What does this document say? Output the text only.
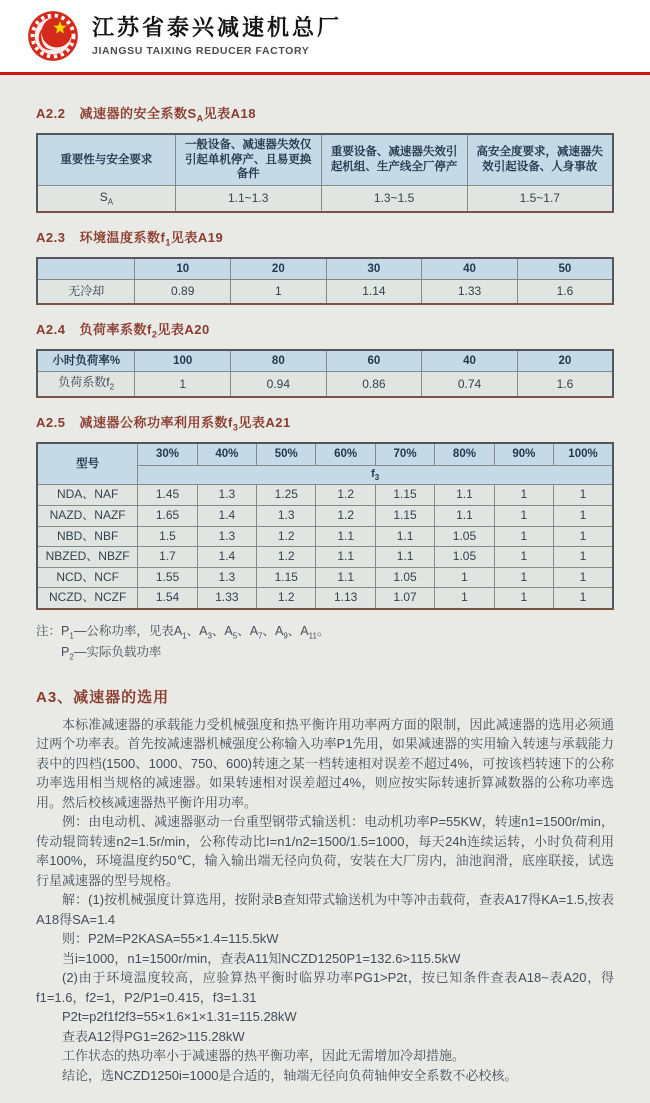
江苏省泰兴减速机总厂
JIANGSU TAIXING REDUCER FACTORY
A2.2 减速器的安全系数$S_A$见表A18
重要性与安全要求	一般设备、减速器失效仅引起单机停产、且易更换备件	重要设备、减速器失效引起机组、生产线全厂停产	高安全度要求，减速器失效引起设备、人身事故
$S_A$	1.1~1.3	1.3~1.5	1.5~1.7
A2.3 环境温度系数$f_1$见表A19
	10	20	30	40	50
无冷却	0.89	1	1.14	1.33	1.6
A2.4 负荷率系数$f_2$见表A20
小时负荷率%	100	80	60	40	20
负荷系数$f_2$	1	0.94	0.86	0.74	1.6
A2.5 减速器公称功率利用系数$f_3$见表A21
型号	30%	40%	50%	60%	70%	80%	90%	100%
	$f_3$
NDA、NAF	1.45	1.3	1.25	1.2	1.15	1.1	1	1
NAZD、NAZF	1.65	1.4	1.3	1.2	1.15	1.1	1	1
NBD、NBF	1.5	1.3	1.2	1.1	1.1	1.05	1	1
NBZED、NBZF	1.7	1.4	1.2	1.1	1.1	1.05	1	1
NCD、NCF	1.55	1.3	1.15	1.1	1.05	1	1	1
NCZD、NCZF	1.54	1.33	1.2	1.13	1.07	1	1	1
注： $P_1—$公称功率，见表$A_1$、$A_3$、$A_5$、$A_7$、$A_9$、$A_{11}$。

$P_2—$实际负载功率

A3、减速器的选用

本标准减速器的承载能力受机械强度和热平衡许用功率两方面的限制，因此减速器的选用必须通过两个功率表。首先按减速器机械强度公称输入功率P1先用，如果减速器的实用输入转速与承载能力表中的四档(1500、1000、750、600)转速之某一档转速相对误差不超过4%，可按该档转速下的公称功率选用相当规格的减速器。如果转速相对误差超过4%，则应按实际转速折算减数器的公称功率选用。然后校核减速器热平衡许用功率。

例：由电动机、减速器驱动一台重型钢带式输送机：电动机功率P=55KW，转速n1=1500r/min，传动辊筒转速n2=1.5r/min，公称传动比I=n1/n2=1500/1.5=1000，每天24h连续运转，小时负荷利用率100%，环境温度约50℃，输入输出端无径向负荷，安装在大厂房内，油池润滑，底座联接，试选行星减速器的型号规格。

解：(1)按机械强度计算选用，按附录B查知带式输送机为中等冲击载荷，查表A17得KA=1.5,按表A18得SA=1.4

则：P2M=P2KASA=55×1.4=115.5kW

当i=1000，n1=1500r/min，查表A11知NCZD1250P1=132.6>115.5kW

(2)由于环境温度较高，应验算热平衡时临界功率PG1>P2t，按已知条件查表A18~表A20，得f1=1.6，f2=1，P2/P1=0.415，f3=1.31

P2t=p2f1f2f3=55×1.6×1×1.31=115.28kW

查表A12得PG1=262>115.28kW

工作状态的热功率小于减速器的热平衡功率，因此无需增加冷却措施。

结论，选NCZD1250i=1000是合适的，轴端无径向负荷轴伸安全系数不必校核。
